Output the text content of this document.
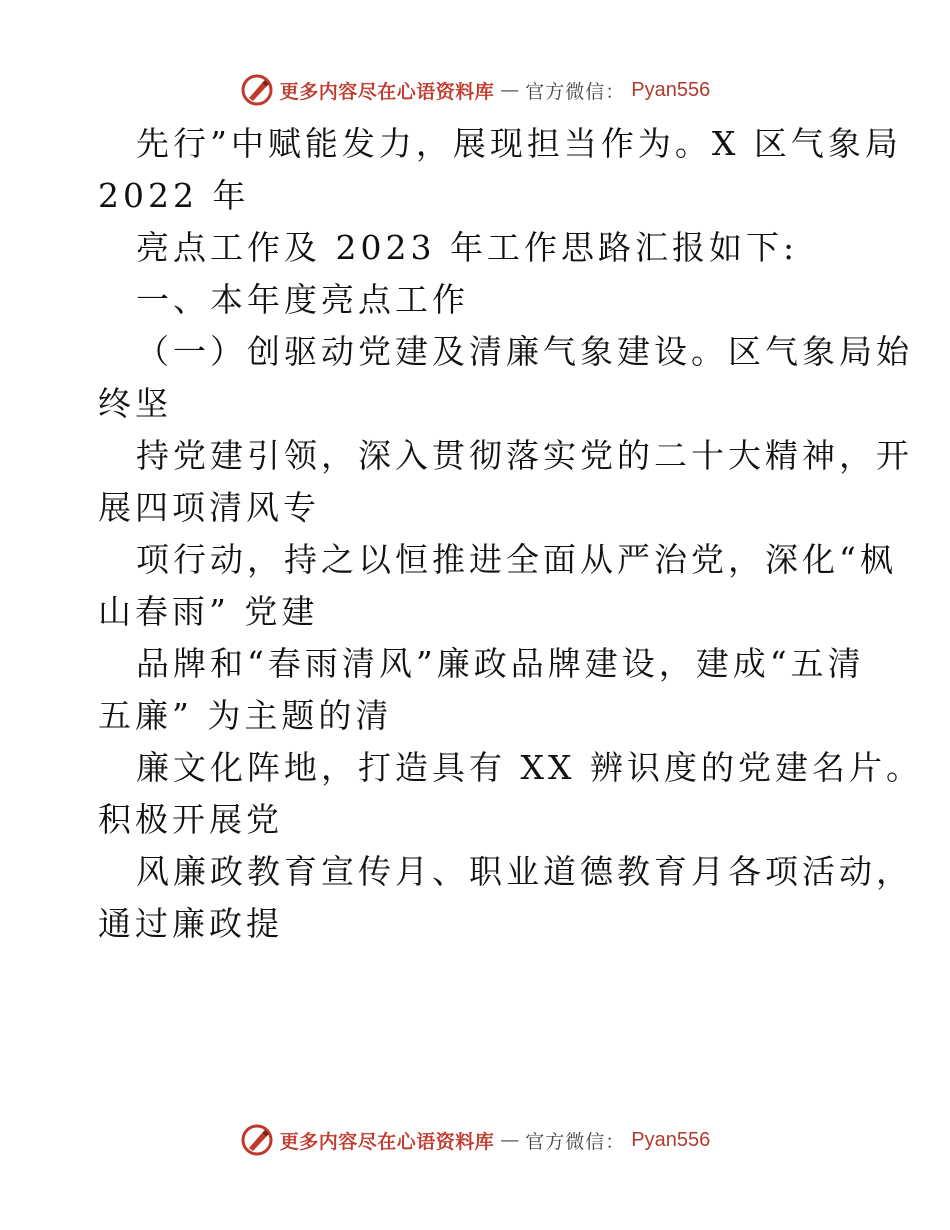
更多内容尽在心语资料库 — 官方微信： Pyan556
先行”中赋能发力，展现担当作为。X 区气象局
2022 年
亮点工作及 2023 年工作思路汇报如下:
一、本年度亮点工作
（一）创驱动党建及清廉气象建设。区气象局始
终坚
持党建引领，深入贯彻落实党的二十大精神，开
展四项清风专
项行动，持之以恒推进全面从严治党，深化“枫
山春雨” 党建
品牌和“春雨清风”廉政品牌建设，建成“五清
五廉” 为主题的清
廉文化阵地，打造具有 XX 辨识度的党建名片。
积极开展党
风廉政教育宣传月、职业道德教育月各项活动，
通过廉政提
更多内容尽在心语资料库 — 官方微信： Pyan556
